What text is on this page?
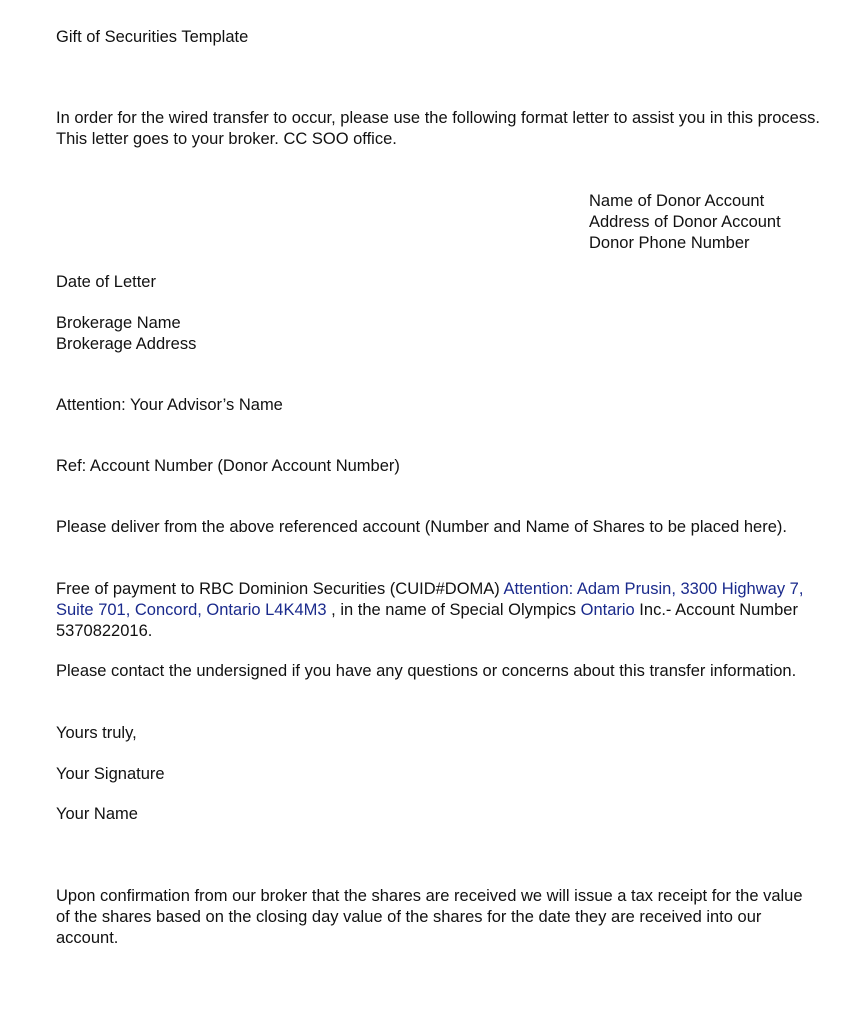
Gift of Securities Template

In order for the wired transfer to occur, please use the following format letter to assist you in this process. This letter goes to your broker. CC SOO office.

Name of Donor Account
Address of Donor Account
Donor Phone Number

Date of Letter

Brokerage Name
Brokerage Address

Attention: Your Advisor’s Name

Ref: Account Number (Donor Account Number)

Please deliver from the above referenced account (Number and Name of Shares to be placed here).

Free of payment to RBC Dominion Securities (CUID#DOMA) Attention: Adam Prusin, 3300 Highway 7, Suite 701, Concord, Ontario L4K4M3 , in the name of Special Olympics Ontario Inc.- Account Number 5370822016.

Please contact the undersigned if you have any questions or concerns about this transfer information.

Yours truly,

Your Signature

Your Name

Upon confirmation from our broker that the shares are received we will issue a tax receipt for the value of the shares based on the closing day value of the shares for the date they are received into our account.
